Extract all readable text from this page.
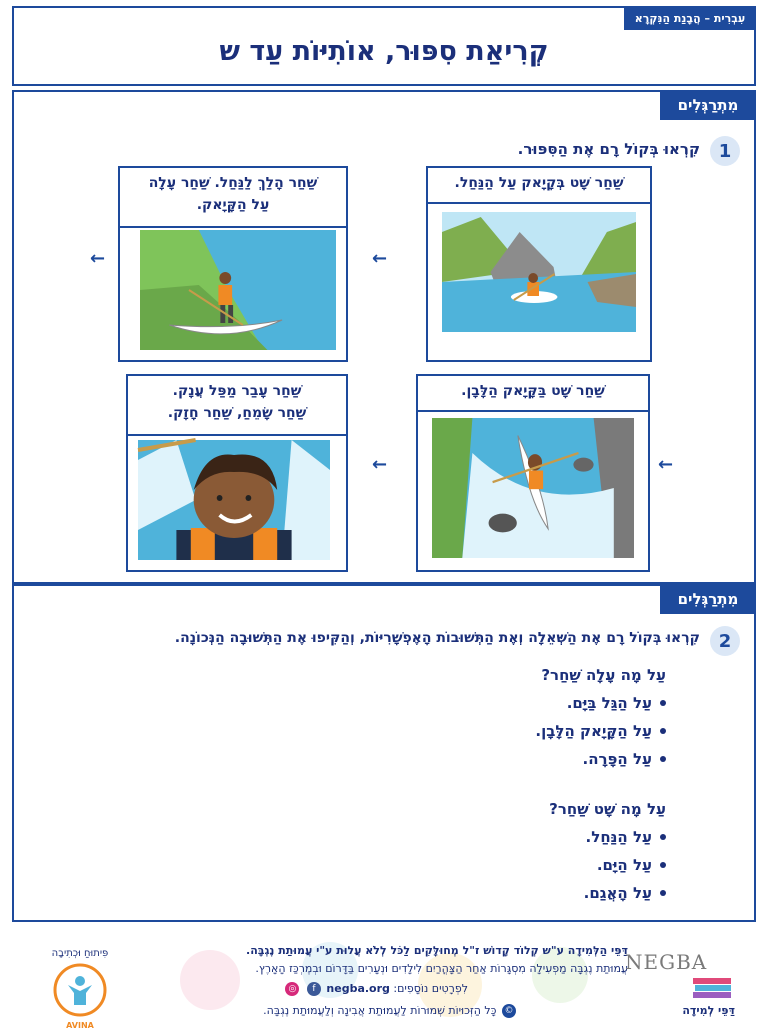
קְרִיאַת סִפּוּר, אוֹתִיּוֹת עַד ש
עִבְרִית – הֲבָנַת הַנִּקְרָא
מִתְרַגְּלִים
1
קִרְאוּ בְּקוֹל רָם אֶת הַסִּפּוּר.
שַׁחַר שָׁט בְּקָיָאק עַל הַנַּחַל.
שַׁחַר הָלַךְ לַנַּחַל. שַׁחַר עָלָה
עַל הַקָּיָאק.
שַׁחַר שָׁט בַּקָּיָאק הַלָּבָן.
שַׁחַר עָבַר מַפַּל עֲנָק.
שַׁחַר שָׂמֵחַ, שַׁחַר חָזָק.
←
←
←
←
מִתְרַגְּלִים
2
קִרְאוּ בְּקוֹל רָם אֶת הַשְּׁאֵלָה וְאֶת הַתְּשׁוּבוֹת הָאֶפְשָׁרִיּוֹת, וְהַקִּיפוּ אֶת הַתְּשׁוּבָה הַנְּכוֹנָה.
עַל מָה עָלָה שַׁחַר?
עַל הַגַּל בַּיָּם.
עַל הַקָּיָאק הַלָּבָן.
עַל הַפָּרָה.
עַל מָה שָׁט שַׁחַר?
עַל הַנַּחַל.
עַל הַיָּם.
עַל הָאֲגַם.
דַּפֵּי הַלְּמִידָה ע"ש קְלוֹד קָדוֹשׁ ז"ל מְחוּלָּקִים לַכֹּל לְלֹא עֲלוּת ע"י עֲמוּתַת נֶגְבָּה.
עֲמוּתַת נֶגְבָּה מַפְעִילָה מִסְגָּרוֹת אַחַר הַצָּהֳרַיִם לִילָדִים וּנְעָרִים בַּדָּרוֹם וּבְמֶרְכַּז הָאָרֶץ.
לִפְרָטִים נוֹסָפִים: negba.org f ◎
© כָּל הַזְּכוּיוֹת שְׁמוּרוֹת לַעֲמוּתַת אֲבִינָה וְלַעֲמוּתַת נֶגְבָּה.
פִּיתוּחַ וּכְתִיבָה
AVINA
NEGBA
דַּפֵּי לְמִידָה
